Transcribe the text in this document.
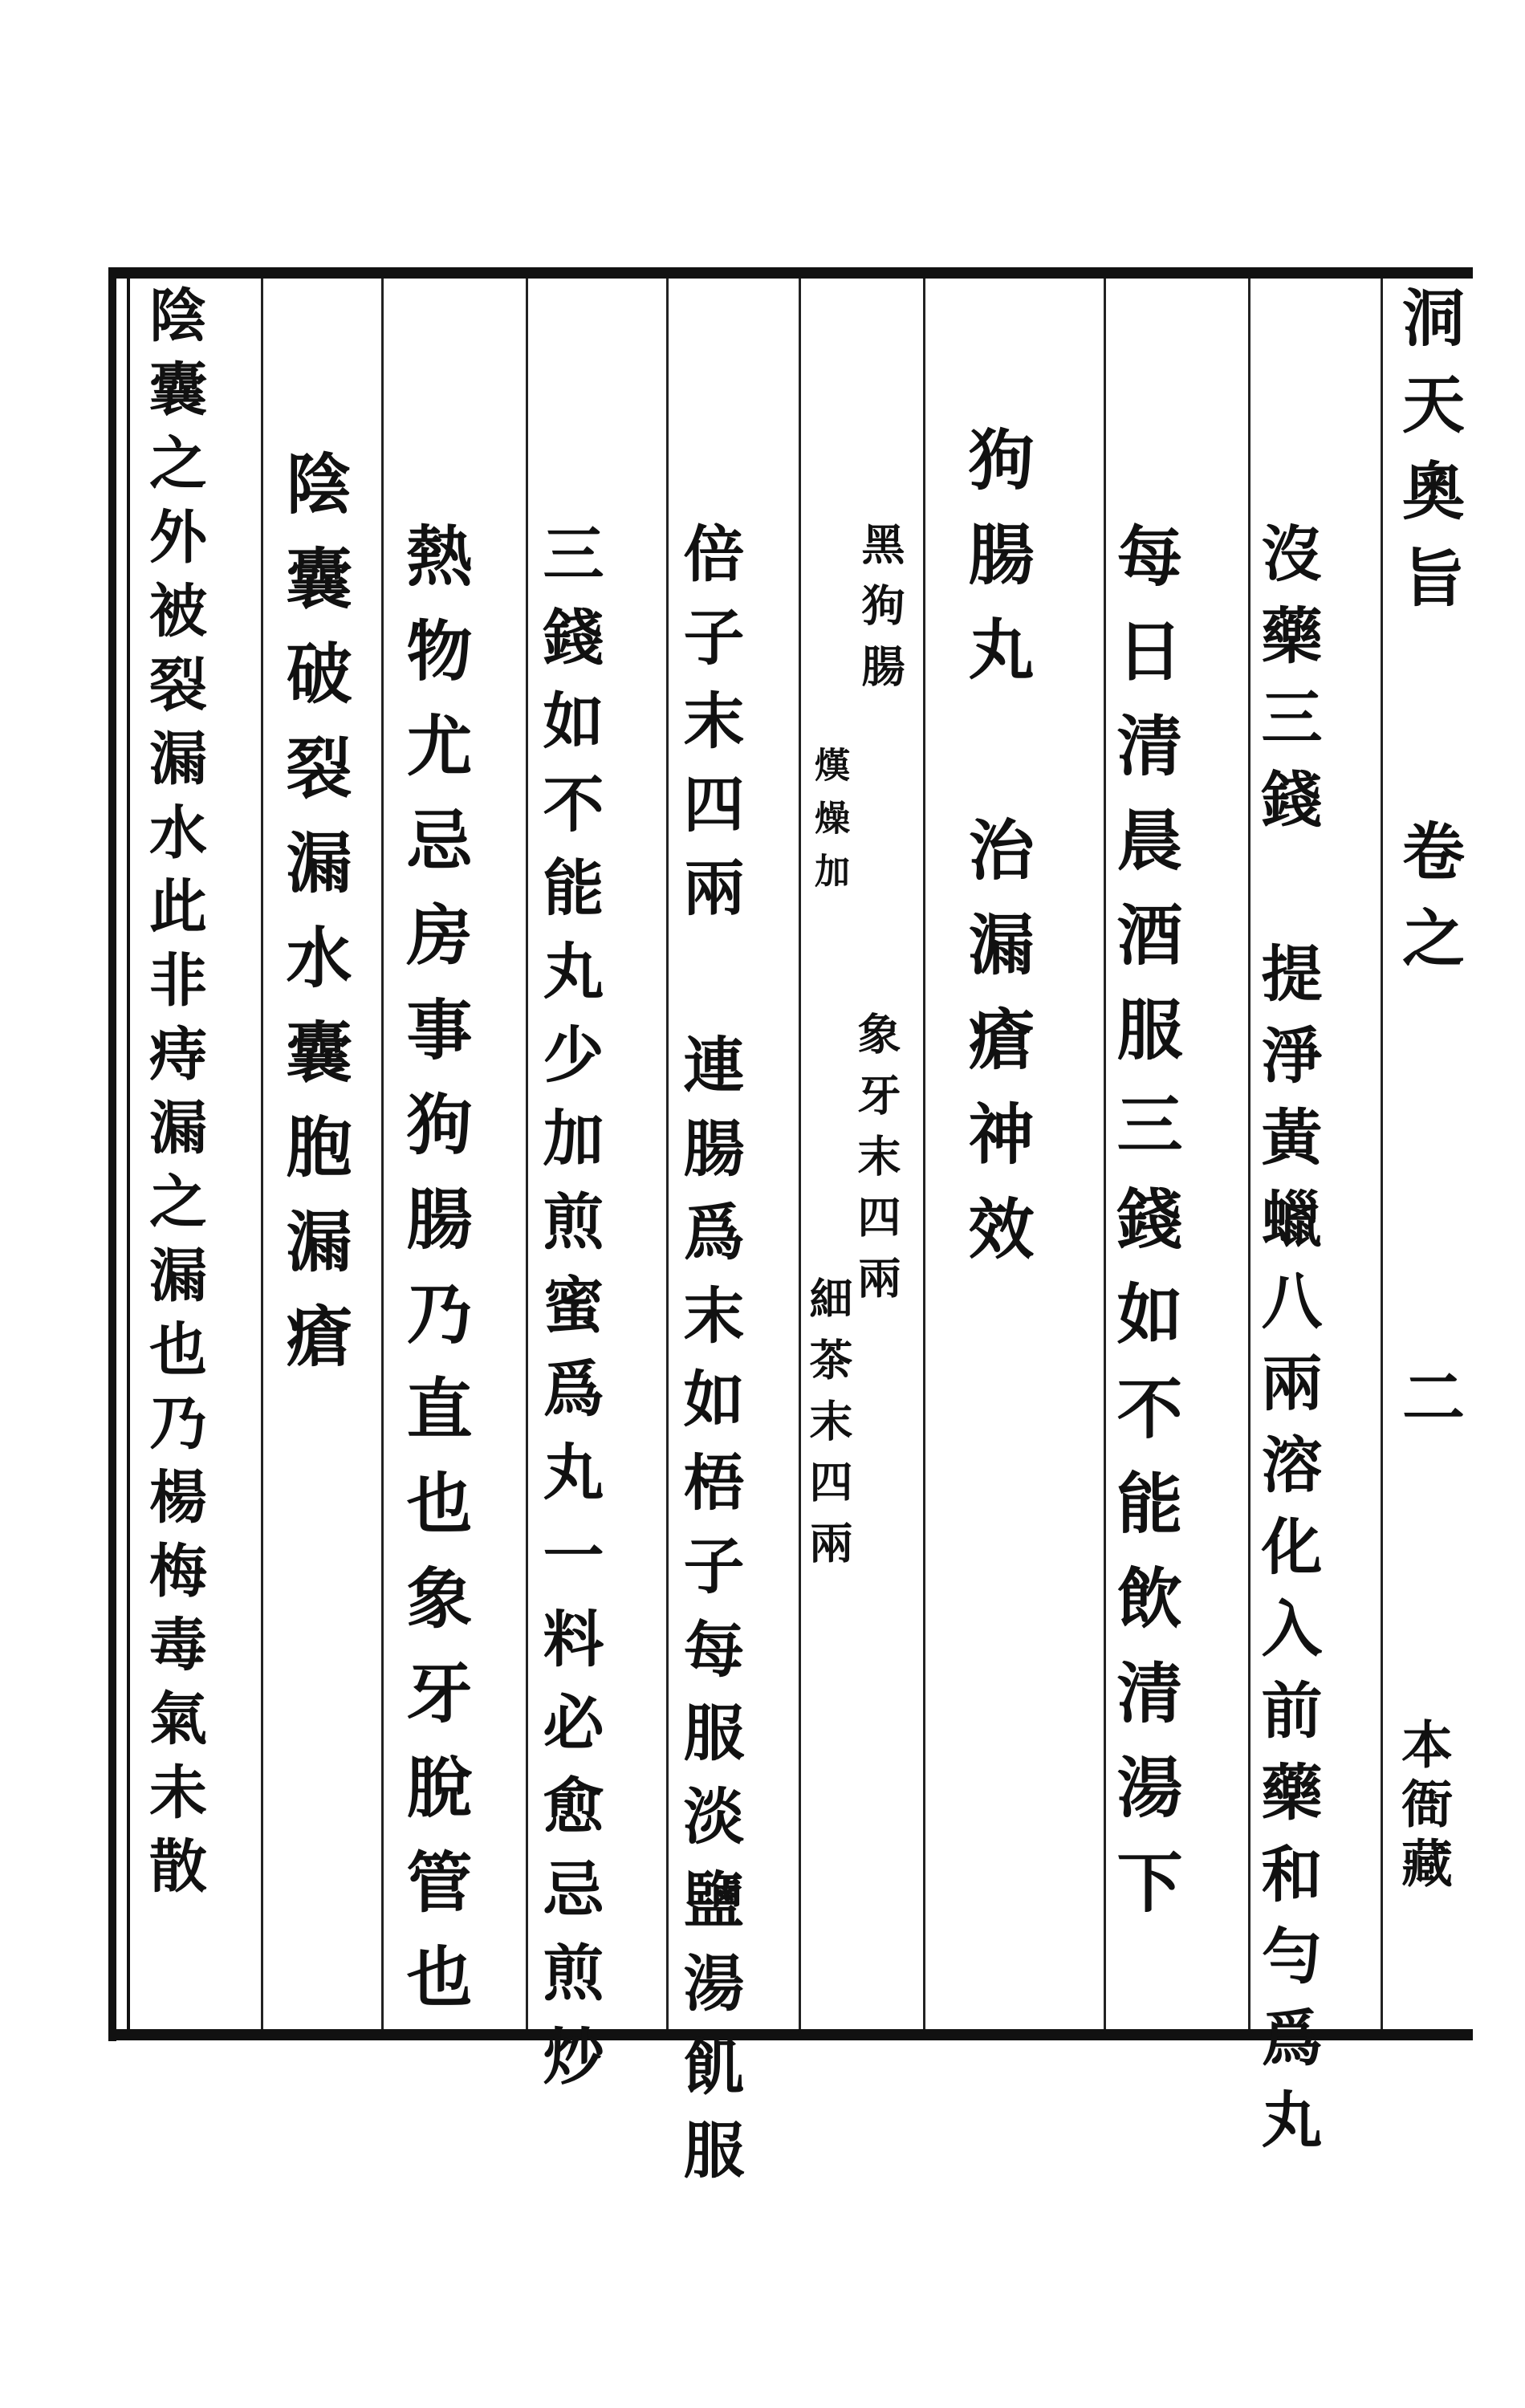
洞天奧旨
卷之
二
本衙藏
沒藥三錢 提淨黃蠟八兩溶化入前藥和勻爲丸
每日清晨酒服三錢如不能飲清湯下
狗腸丸 治漏瘡神效
黑狗腸
熯燥加
象牙末四兩
細茶末四兩
倍子末四兩 連腸爲末如梧子每服淡鹽湯飢服
三錢如不能丸少加煎蜜爲丸一料必愈忌煎炒
熱物尤忌房事狗腸乃直也象牙脫管也
陰囊破裂漏水囊胞漏瘡
陰囊之外被裂漏水此非痔漏之漏也乃楊梅毒氣未散
